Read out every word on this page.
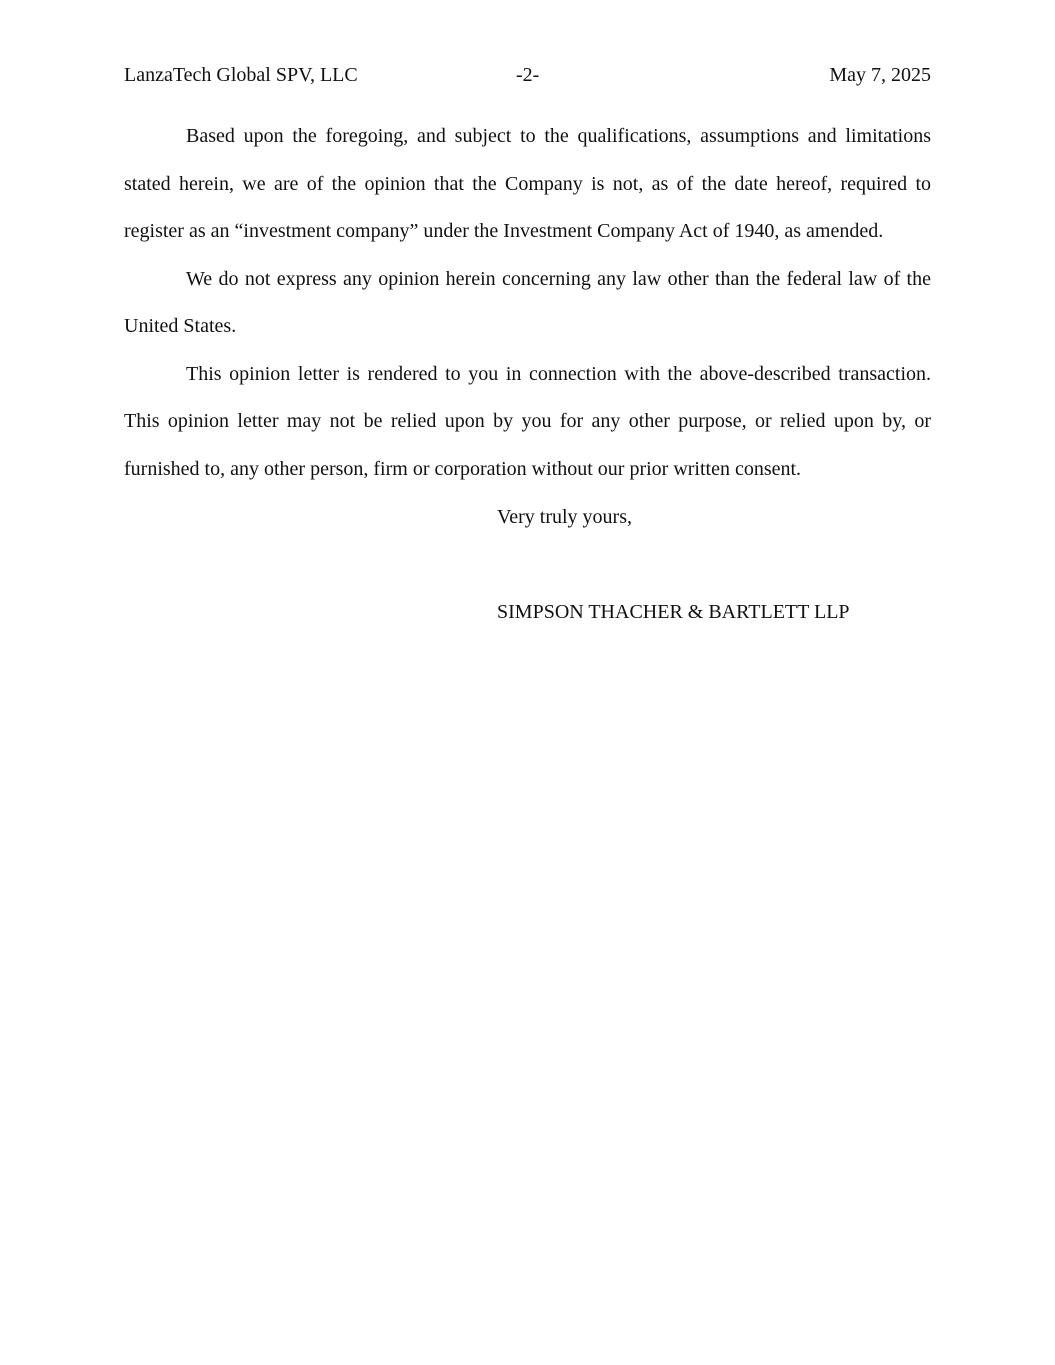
LanzaTech Global SPV, LLC	-2-	May 7, 2025

Based upon the foregoing, and subject to the qualifications, assumptions and limitations stated herein, we are of the opinion that the Company is not, as of the date hereof, required to register as an “investment company” under the Investment Company Act of 1940, as amended.

We do not express any opinion herein concerning any law other than the federal law of the United States.

This opinion letter is rendered to you in connection with the above-described transaction. This opinion letter may not be relied upon by you for any other purpose, or relied upon by, or furnished to, any other person, firm or corporation without our prior written consent.

Very truly yours,
SIMPSON THACHER & BARTLETT LLP
